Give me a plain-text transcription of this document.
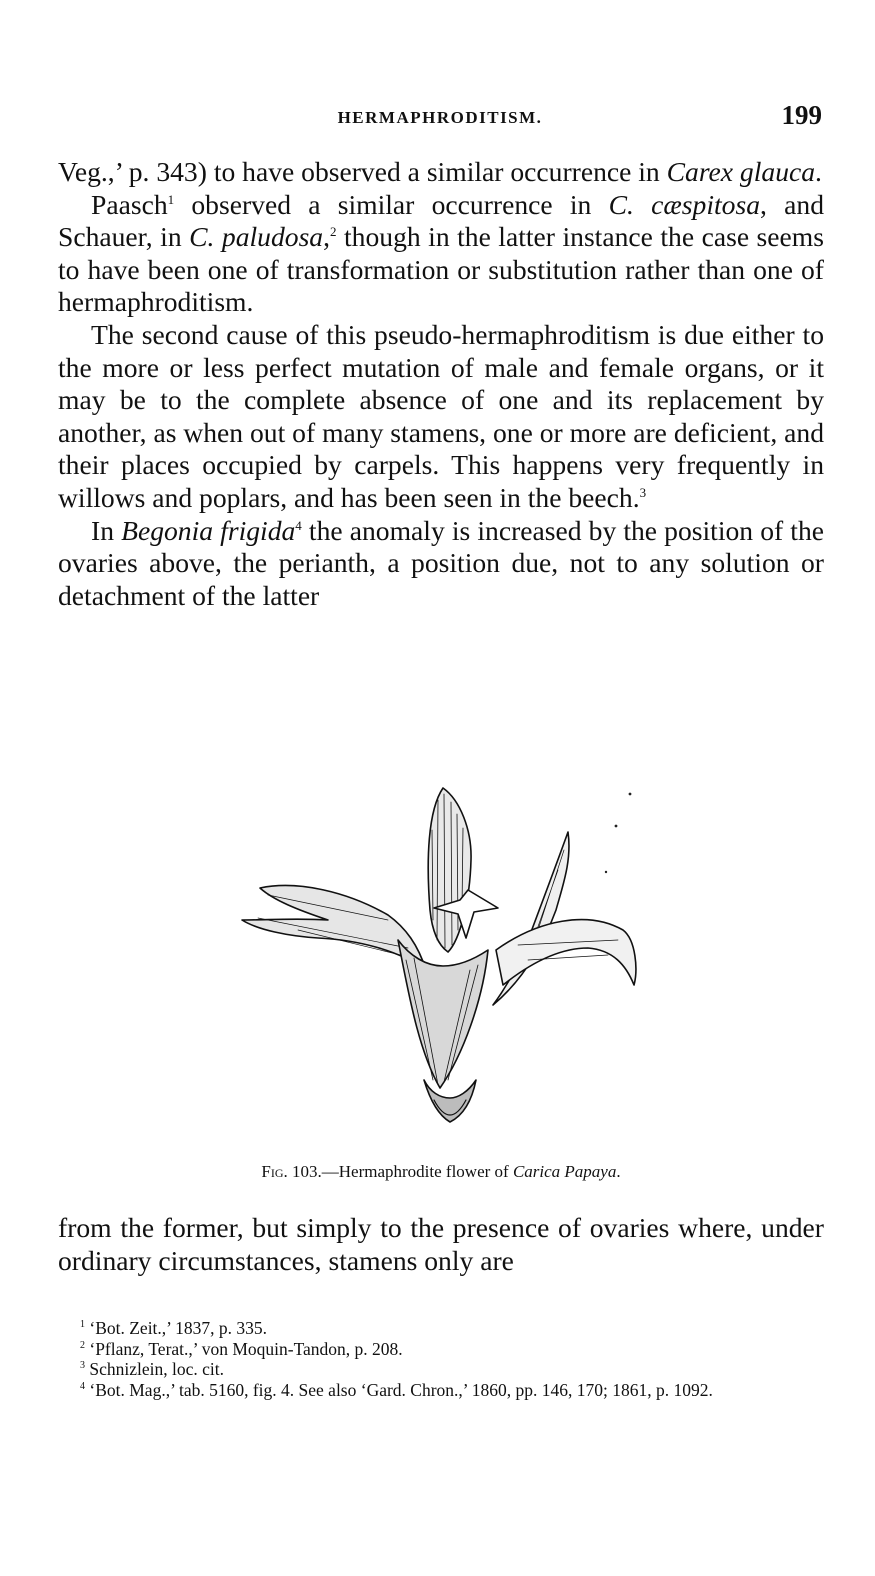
HERMAPHRODITISM.	199

Veg.,’ p. 343) to have observed a similar occurrence in Carex glauca.

Paasch$^1$ observed a similar occurrence in C. cæspitosa, and Schauer, in C. paludosa,$^2$ though in the latter instance the case seems to have been one of transformation or substitution rather than one of hermaphroditism.

The second cause of this pseudo-hermaphroditism is due either to the more or less perfect mutation of male and female organs, or it may be to the complete absence of one and its replacement by another, as when out of many stamens, one or more are deficient, and their places occupied by carpels. This happens very frequently in willows and poplars, and has been seen in the beech.$^3$

In Begonia frigida$^4$ the anomaly is increased by the position of the ovaries above, the perianth, a position due, not to any solution or detachment of the latter

Fig. 103.—Hermaphrodite flower of Carica Papaya.

from the former, but simply to the presence of ovaries where, under ordinary circumstances, stamens only are

$^1$ ‘Bot. Zeit.,’ 1837, p. 335.

$^2$ ‘Pflanz, Terat.,’ von Moquin-Tandon, p. 208.

$^3$ Schnizlein, loc. cit.

$^4$ ‘Bot. Mag.,’ tab. 5160, fig. 4. See also ‘Gard. Chron.,’ 1860, pp. 146, 170; 1861, p. 1092.
